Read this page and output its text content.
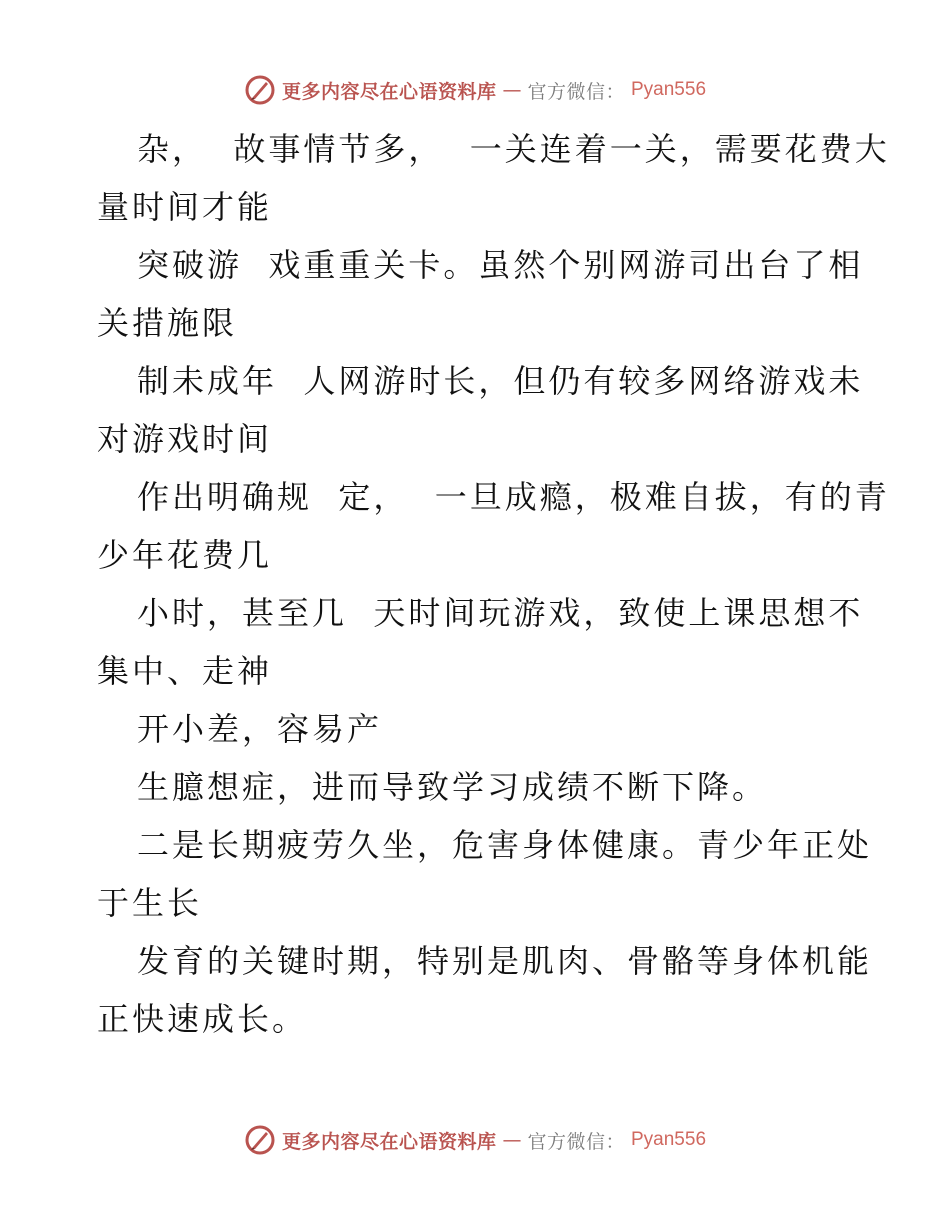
更多内容尽在心语资料库 — 官方微信： Pyan556

杂，  故事情节多，  一关连着一关，需要花费大
量时间才能

突破游  戏重重关卡。虽然个别网游司出台了相
关措施限

制未成年  人网游时长，但仍有较多网络游戏未
对游戏时间

作出明确规  定，  一旦成瘾，极难自拔，有的青
少年花费几

小时，甚至几  天时间玩游戏，致使上课思想不
集中、走神

开小差，容易产

生臆想症，进而导致学习成绩不断下降。

二是长期疲劳久坐，危害身体健康。青少年正处
于生长

发育的关键时期，特别是肌肉、骨骼等身体机能
正快速成长。

更多内容尽在心语资料库 — 官方微信： Pyan556
